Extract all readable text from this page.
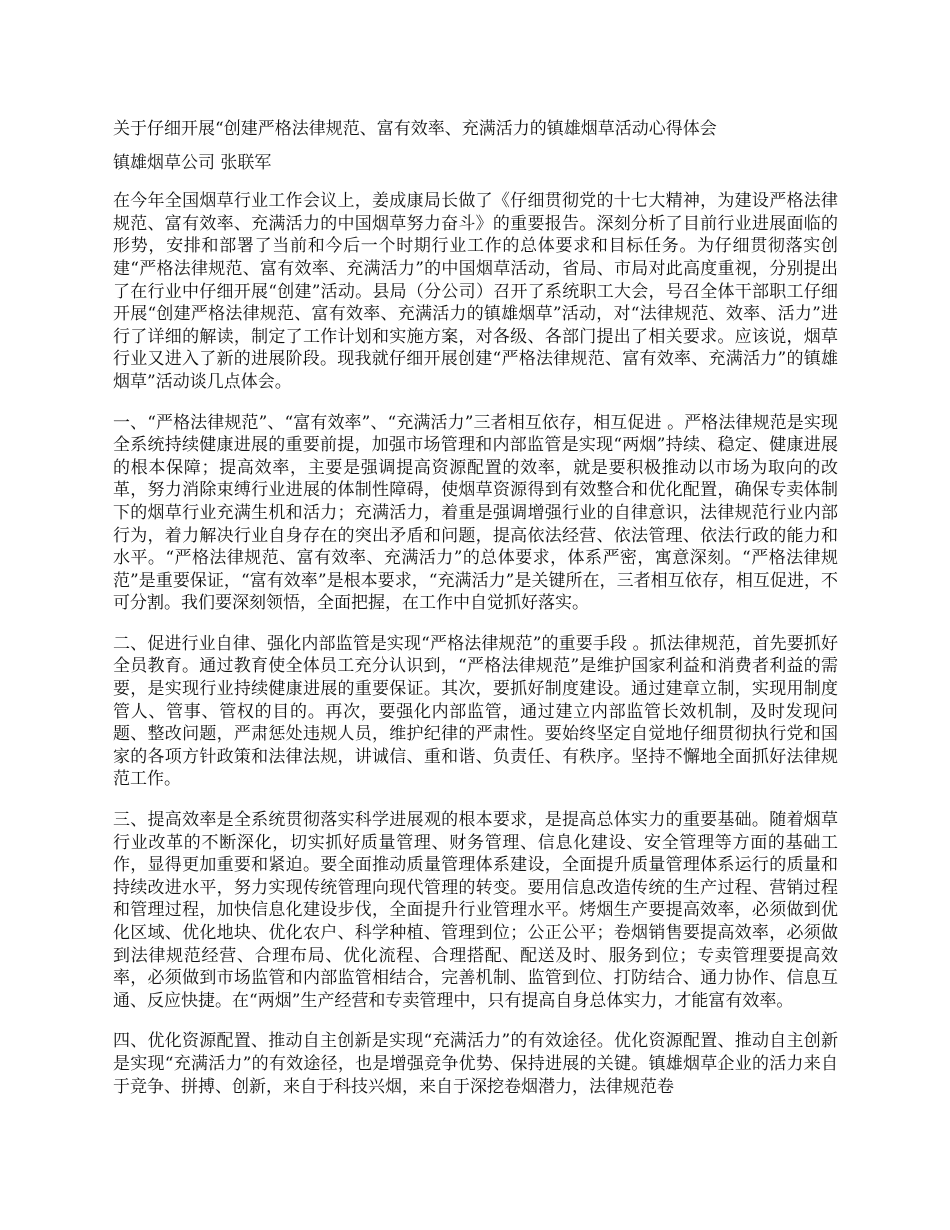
关于仔细开展“创建严格法律规范、富有效率、充满活力的镇雄烟草活动心得体会

镇雄烟草公司 张联军

在今年全国烟草行业工作会议上，姜成康局长做了《仔细贯彻党的十七大精神，为建设严格法律规范、富有效率、充满活力的中国烟草努力奋斗》的重要报告。深刻分析了目前行业进展面临的形势，安排和部署了当前和今后一个时期行业工作的总体要求和目标任务。为仔细贯彻落实创建“严格法律规范、富有效率、充满活力”的中国烟草活动，省局、市局对此高度重视，分别提出了在行业中仔细开展“创建”活动。县局（分公司）召开了系统职工大会，号召全体干部职工仔细开展“创建严格法律规范、富有效率、充满活力的镇雄烟草”活动，对“法律规范、效率、活力”进行了详细的解读，制定了工作计划和实施方案，对各级、各部门提出了相关要求。应该说，烟草行业又进入了新的进展阶段。现我就仔细开展创建“严格法律规范、富有效率、充满活力”的镇雄烟草”活动谈几点体会。

一、“严格法律规范”、“富有效率”、“充满活力”三者相互依存，相互促进 。严格法律规范是实现全系统持续健康进展的重要前提，加强市场管理和内部监管是实现“两烟”持续、稳定、健康进展的根本保障；提高效率，主要是强调提高资源配置的效率，就是要积极推动以市场为取向的改革，努力消除束缚行业进展的体制性障碍，使烟草资源得到有效整合和优化配置，确保专卖体制下的烟草行业充满生机和活力；充满活力，着重是强调增强行业的自律意识，法律规范行业内部行为，着力解决行业自身存在的突出矛盾和问题，提高依法经营、依法管理、依法行政的能力和水平。“严格法律规范、富有效率、充满活力”的总体要求，体系严密，寓意深刻。“严格法律规范”是重要保证，“富有效率”是根本要求，“充满活力”是关键所在，三者相互依存，相互促进，不可分割。我们要深刻领悟，全面把握，在工作中自觉抓好落实。

二、促进行业自律、强化内部监管是实现“严格法律规范”的重要手段 。抓法律规范，首先要抓好全员教育。通过教育使全体员工充分认识到，“严格法律规范”是维护国家利益和消费者利益的需要，是实现行业持续健康进展的重要保证。其次，要抓好制度建设。通过建章立制，实现用制度管人、管事、管权的目的。再次，要强化内部监管，通过建立内部监管长效机制，及时发现问题、整改问题，严肃惩处违规人员，维护纪律的严肃性。要始终坚定自觉地仔细贯彻执行党和国家的各项方针政策和法律法规，讲诚信、重和谐、负责任、有秩序。坚持不懈地全面抓好法律规范工作。

三、提高效率是全系统贯彻落实科学进展观的根本要求，是提高总体实力的重要基础。随着烟草行业改革的不断深化，切实抓好质量管理、财务管理、信息化建设、安全管理等方面的基础工作，显得更加重要和紧迫。要全面推动质量管理体系建设，全面提升质量管理体系运行的质量和持续改进水平，努力实现传统管理向现代管理的转变。要用信息改造传统的生产过程、营销过程和管理过程，加快信息化建设步伐，全面提升行业管理水平。烤烟生产要提高效率，必须做到优化区域、优化地块、优化农户、科学种植、管理到位；公正公平；卷烟销售要提高效率，必须做到法律规范经营、合理布局、优化流程、合理搭配、配送及时、服务到位；专卖管理要提高效率，必须做到市场监管和内部监管相结合，完善机制、监管到位、打防结合、通力协作、信息互通、反应快捷。在“两烟”生产经营和专卖管理中，只有提高自身总体实力，才能富有效率。

四、优化资源配置、推动自主创新是实现“充满活力”的有效途径。优化资源配置、推动自主创新是实现“充满活力”的有效途径，也是增强竞争优势、保持进展的关键。镇雄烟草企业的活力来自于竞争、拼搏、创新，来自于科技兴烟，来自于深挖卷烟潜力，法律规范卷
